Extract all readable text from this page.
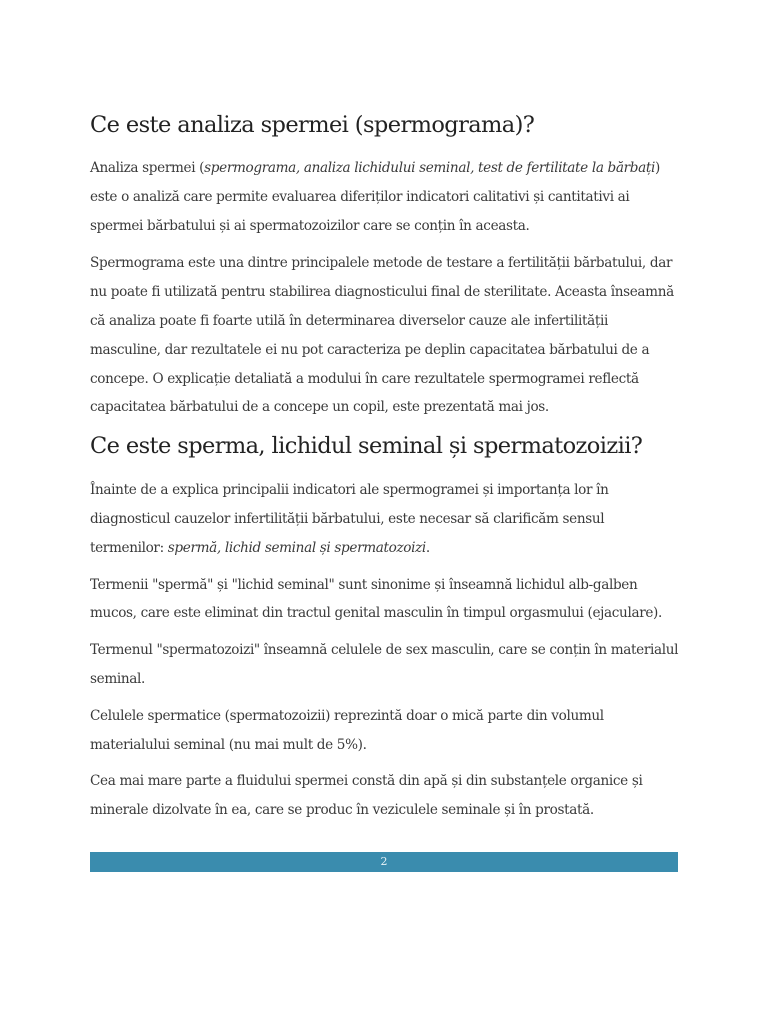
Ce este analiza spermei (spermograma)?

Analiza spermei (spermograma, analiza lichidului seminal, test de fertilitate la bărbați) este o analiză care permite evaluarea diferiților indicatori calitativi și cantitativi ai spermei bărbatului și ai spermatozoizilor care se conțin în aceasta.

Spermograma este una dintre principalele metode de testare a fertilității bărbatului, dar nu poate fi utilizată pentru stabilirea diagnosticului final de sterilitate. Aceasta înseamnă că analiza poate fi foarte utilă în determinarea diverselor cauze ale infertilității masculine, dar rezultatele ei nu pot caracteriza pe deplin capacitatea bărbatului de a concepe. O explicație detaliată a modului în care rezultatele spermogramei reflectă capacitatea bărbatului de a concepe un copil, este prezentată mai jos.

Ce este sperma, lichidul seminal și spermatozoizii?

Înainte de a explica principalii indicatori ale spermogramei și importanța lor în diagnosticul cauzelor infertilității bărbatului, este necesar să clarificăm sensul termenilor: spermă, lichid seminal și spermatozoizi.

Termenii "spermă" și "lichid seminal" sunt sinonime și înseamnă lichidul alb-galben mucos, care este eliminat din tractul genital masculin în timpul orgasmului (ejaculare).

Termenul "spermatozoizi" înseamnă celulele de sex masculin, care se conțin în materialul seminal.

Celulele spermatice (spermatozoizii) reprezintă doar o mică parte din volumul materialului seminal (nu mai mult de 5%).

Cea mai mare parte a fluidului spermei constă din apă și din substanțele organice și minerale dizolvate în ea, care se produc în veziculele seminale și în prostată.

2
